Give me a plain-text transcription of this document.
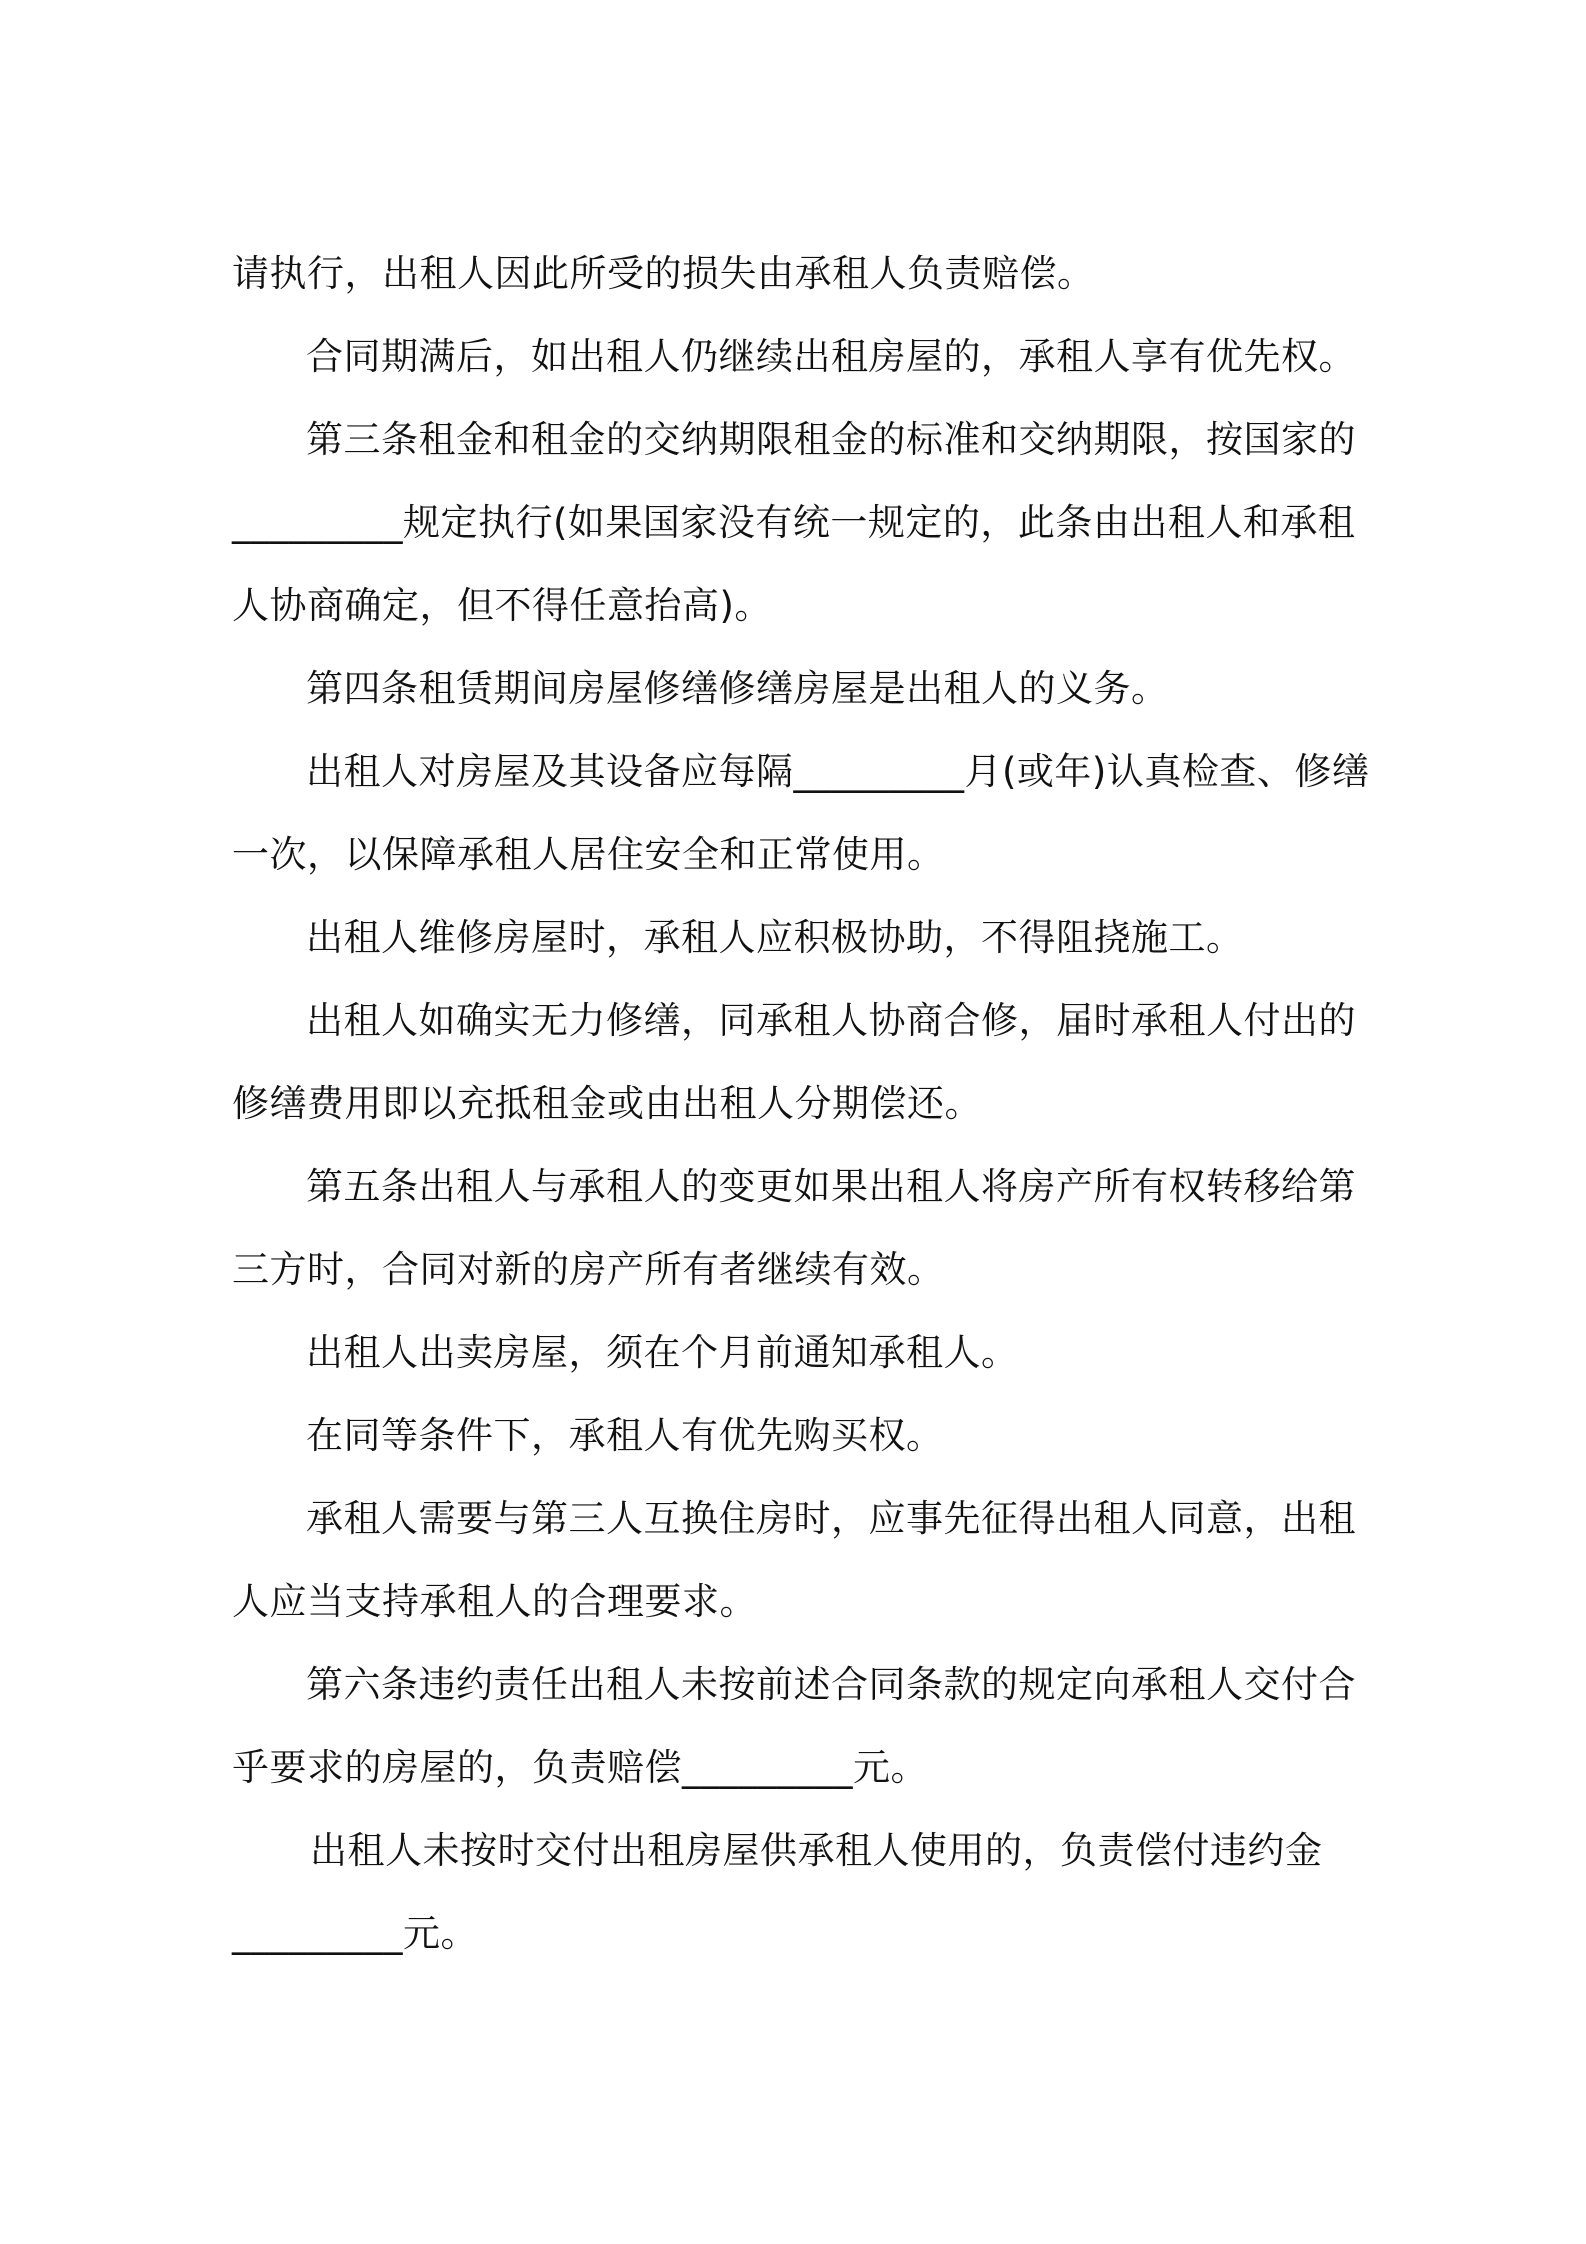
请执行，出租人因此所受的损失由承租人负责赔偿。
合同期满后，如出租人仍继续出租房屋的，承租人享有优先权。
第三条租金和租金的交纳期限租金的标准和交纳期限，按国家的
_________规定执行(如果国家没有统一规定的，此条由出租人和承租
人协商确定，但不得任意抬高)。
第四条租赁期间房屋修缮修缮房屋是出租人的义务。
出租人对房屋及其设备应每隔_________月(或年)认真检查、修缮
一次，以保障承租人居住安全和正常使用。
出租人维修房屋时，承租人应积极协助，不得阻挠施工。
出租人如确实无力修缮，同承租人协商合修，届时承租人付出的
修缮费用即以充抵租金或由出租人分期偿还。
第五条出租人与承租人的变更如果出租人将房产所有权转移给第
三方时，合同对新的房产所有者继续有效。
出租人出卖房屋，须在个月前通知承租人。
在同等条件下，承租人有优先购买权。
承租人需要与第三人互换住房时，应事先征得出租人同意，出租
人应当支持承租人的合理要求。
第六条违约责任出租人未按前述合同条款的规定向承租人交付合
乎要求的房屋的，负责赔偿_________元。
出租人未按时交付出租房屋供承租人使用的，负责偿付违约金
_________元。
